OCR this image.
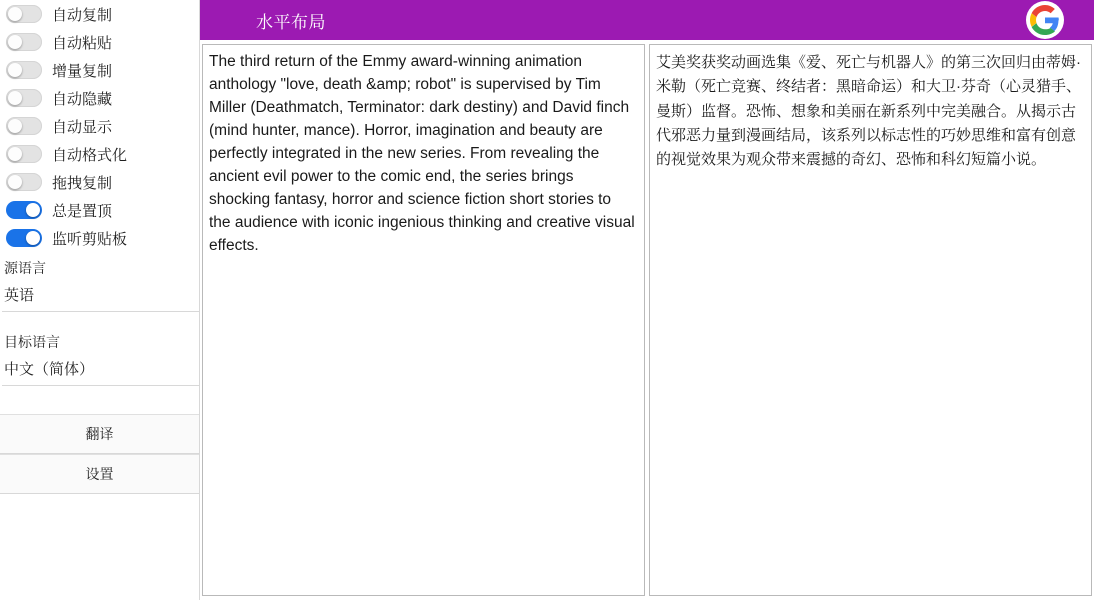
自动复制
自动粘贴
增量复制
自动隐藏
自动显示
自动格式化
拖拽复制
总是置顶
监听剪贴板
源语言
英语
目标语言
中文（简体）
翻译
设置
水平布局
The third return of the Emmy award-winning animation anthology "love, death &amp; robot" is supervised by Tim Miller (Deathmatch, Terminator: dark destiny) and David finch (mind hunter, mance). Horror, imagination and beauty are perfectly integrated in the new series. From revealing the ancient evil power to the comic end, the series brings shocking fantasy, horror and science fiction short stories to the audience with iconic ingenious thinking and creative visual effects.
艾美奖获奖动画选集《爱、死亡与机器人》的第三次回归由蒂姆·米勒（死亡竞赛、终结者：黑暗命运）和大卫·芬奇（心灵猎手、曼斯）监督。恐怖、想象和美丽在新系列中完美融合。从揭示古代邪恶力量到漫画结局，该系列以标志性的巧妙思维和富有创意的视觉效果为观众带来震撼的奇幻、恐怖和科幻短篇小说。
